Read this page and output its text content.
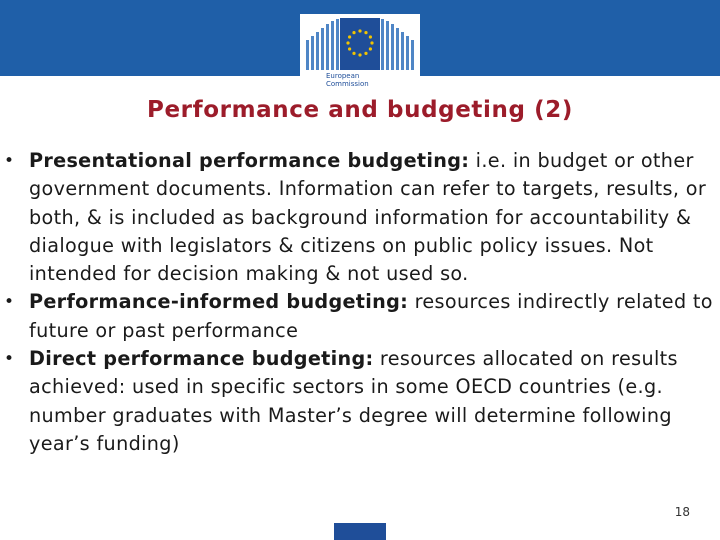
European
Commission
Performance and budgeting (2)
• Presentational performance budgeting: i.e. in budget or other government documents. Information can refer to targets, results, or both, & is included as background information for accountability & dialogue with legislators & citizens on public policy issues. Not intended for decision making & not used so.
• Performance-informed budgeting: resources indirectly related to future or past performance
• Direct performance budgeting: resources allocated on results achieved: used in specific sectors in some OECD countries (e.g. number graduates with Master’s degree will determine following year’s funding)
18
